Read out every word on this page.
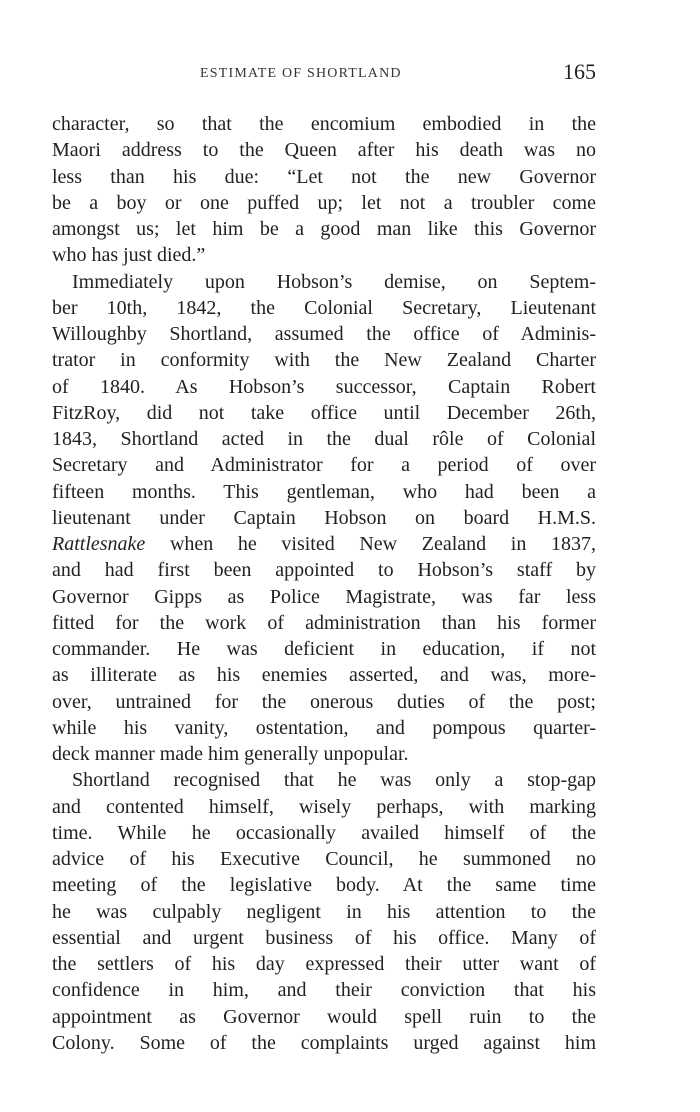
ESTIMATE OF SHORTLAND	165
character, so that the encomium embodied in the
Maori address to the Queen after his death was no
less than his due: “Let not the new Governor
be a boy or one puffed up; let not a troubler come
amongst us; let him be a good man like this Governor
who has just died.”
Immediately upon Hobson’s demise, on Septem-
ber 10th, 1842, the Colonial Secretary, Lieutenant
Willoughby Shortland, assumed the office of Adminis-
trator in conformity with the New Zealand Charter
of 1840. As Hobson’s successor, Captain Robert
FitzRoy, did not take office until December 26th,
1843, Shortland acted in the dual rôle of Colonial
Secretary and Administrator for a period of over
fifteen months. This gentleman, who had been a
lieutenant under Captain Hobson on board H.M.S.
Rattlesnake when he visited New Zealand in 1837,
and had first been appointed to Hobson’s staff by
Governor Gipps as Police Magistrate, was far less
fitted for the work of administration than his former
commander. He was deficient in education, if not
as illiterate as his enemies asserted, and was, more-
over, untrained for the onerous duties of the post;
while his vanity, ostentation, and pompous quarter-
deck manner made him generally unpopular.
Shortland recognised that he was only a stop-gap
and contented himself, wisely perhaps, with marking
time. While he occasionally availed himself of the
advice of his Executive Council, he summoned no
meeting of the legislative body. At the same time
he was culpably negligent in his attention to the
essential and urgent business of his office. Many of
the settlers of his day expressed their utter want of
confidence in him, and their conviction that his
appointment as Governor would spell ruin to the
Colony. Some of the complaints urged against him
